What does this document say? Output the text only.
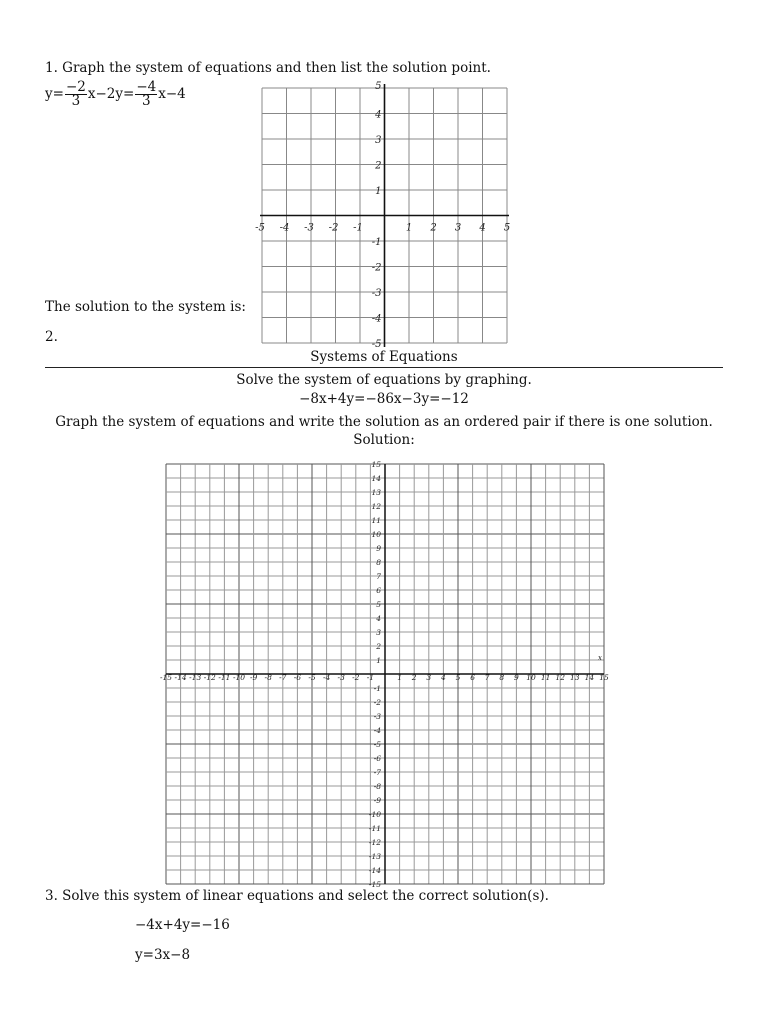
1. Graph the system of equations and then list the solution point.
$y= \frac{-2}{3} x-2y= \frac{-4}{3} x-4$
-5 -4 -3 -2 -1	1 2 3 4 5
5
4
3
2
1
-1
-2
-3
-4
-5
The solution to the system is:
2.
Systems of Equations
Solve the system of equations by graphing.
−8x+4y=−86x−3y=−12
Graph the system of equations and write the solution as an ordered pair if there is one solution.
Solution:
x
-15 -14 -13 -12 -11 -10 -9 -8 -7 -6 -5 -4 -3 -2 -1	1 2 3 4 5 6 7 8 9 10 11 12 13 14 15
15
14
13
12
11
10
9
8
7
6
5
4
3
2
1
-1
-2
-3
-4
-5
-6
-7
-8
-9
-10
-11
-12
-13
-14
-15
3. Solve this system of linear equations and select the correct solution(s).
−4x+4y=−16
y=3x−8
